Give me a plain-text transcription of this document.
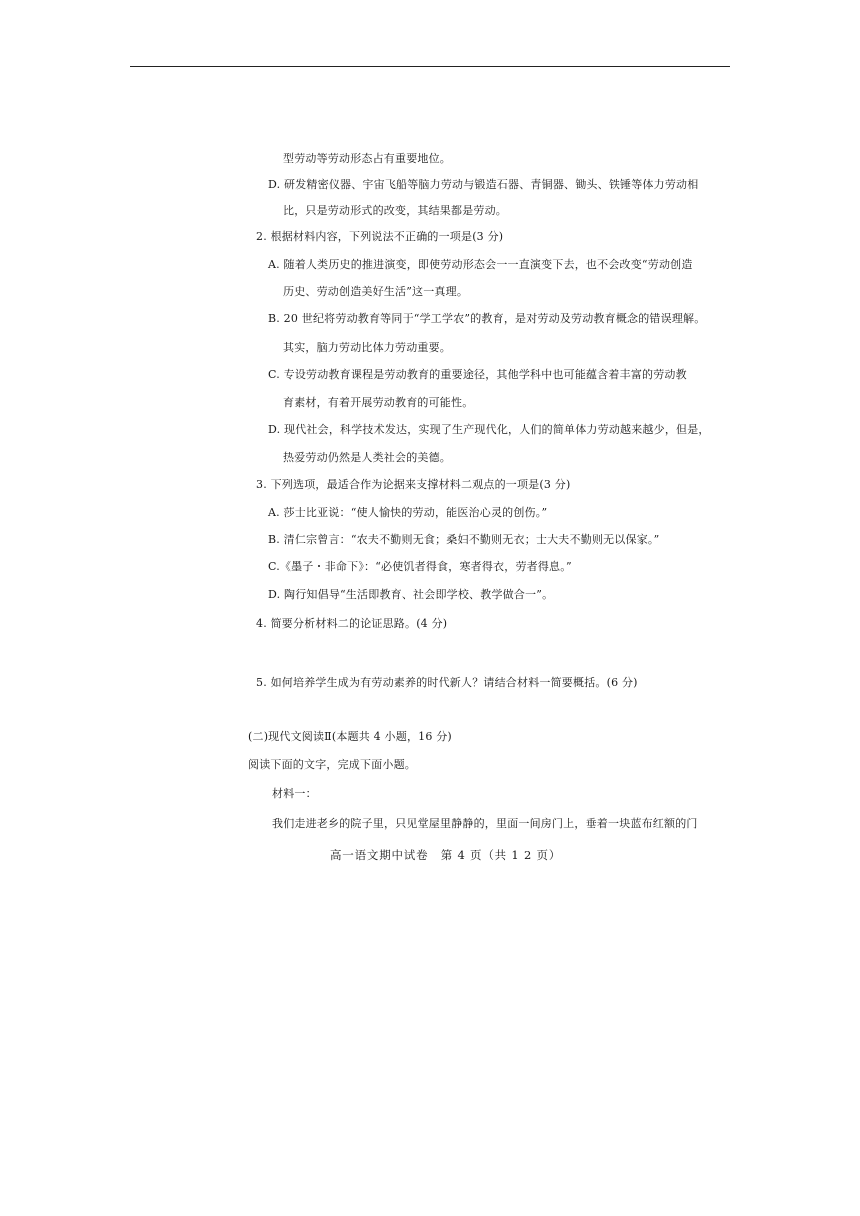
型劳动等劳动形态占有重要地位。
D. 研发精密仪器、宇宙飞船等脑力劳动与锻造石器、青铜器、锄头、铁锤等体力劳动相
比，只是劳动形式的改变，其结果都是劳动。
2. 根据材料内容，下列说法不正确的一项是(3 分)
A. 随着人类历史的推进演变，即使劳动形态会一一直演变下去，也不会改变“劳动创造
历史、劳动创造美好生活”这一真理。
B. 20 世纪将劳动教育等同于“学工学农”的教育，是对劳动及劳动教育概念的错误理解。
其实，脑力劳动比体力劳动重要。
C. 专设劳动教育课程是劳动教育的重要途径，其他学科中也可能蕴含着丰富的劳动教
育素材，有着开展劳动教育的可能性。
D. 现代社会，科学技术发达，实现了生产现代化，人们的简单体力劳动越来越少，但是，
热爱劳动仍然是人类社会的美德。
3. 下列选项，最适合作为论据来支撑材料二观点的一项是(3 分)
A. 莎士比亚说：“使人愉快的劳动，能医治心灵的创伤。”
B. 清仁宗曾言：“农夫不勤则无食；桑妇不勤则无衣；士大夫不勤则无以保家。”
C.《墨子・非命下》：“必使饥者得食，寒者得衣，劳者得息。”
D. 陶行知倡导“生活即教育、社会即学校、教学做合一”。
4. 简要分析材料二的论证思路。(4 分)
5. 如何培养学生成为有劳动素养的时代新人？请结合材料一简要概括。(6 分)
(二)现代文阅读Ⅱ(本题共 4 小题，16 分)
阅读下面的文字，完成下面小题。
材料一：
我们走进老乡的院子里，只见堂屋里静静的，里面一间房门上，垂着一块蓝布红额的门
高一语文期中试卷　第 4 页（共 1 2 页）
